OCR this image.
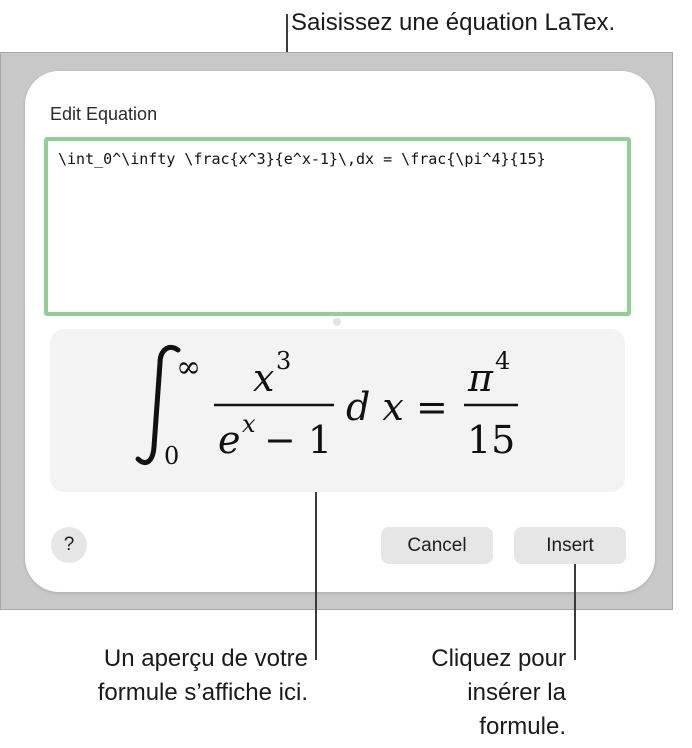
Saisissez une équation LaTex.
Edit Equation
\int_0^\infty \frac{x^3}{e^x-1}\,dx = \frac{\pi^4}{15}
∞
0
x 3
e x − 1
d x =
π 4
15
?	Cancel	Insert
Un aperçu de votre
formule s’affiche ici.
Cliquez pour
insérer la
formule.
